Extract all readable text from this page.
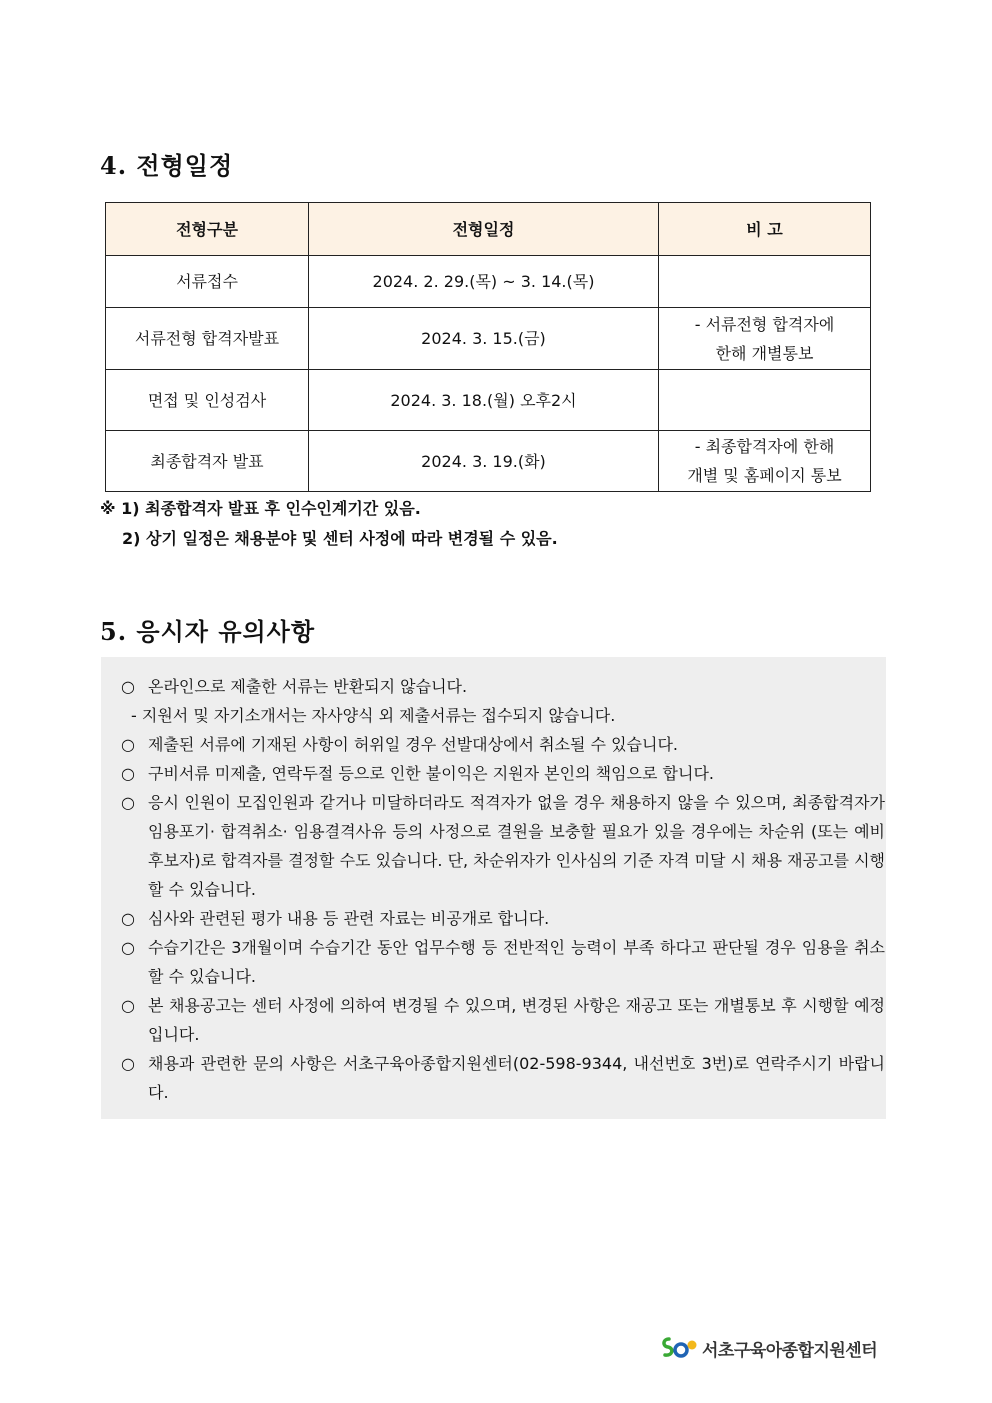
4. 전형일정
전형구분	전형일정	비 고
서류접수	2024. 2. 29.(목) ~ 3. 14.(목)	

서류전형 합격자발표	2024. 3. 15.(금)	- 서류전형 합격자에
한해 개별통보

면접 및 인성검사	2024. 3. 18.(월) 오후2시	

최종합격자 발표	2024. 3. 19.(화)	- 최종합격자에 한해
개별 및 홈페이지 통보
※ 1) 최종합격자 발표 후 인수인계기간 있음.
2) 상기 일정은 채용분야 및 센터 사정에 따라 변경될 수 있음.
5. 응시자 유의사항
○ 온라인으로 제출한 서류는 반환되지 않습니다.
- 지원서 및 자기소개서는 자사양식 외 제출서류는 접수되지 않습니다.
○ 제출된 서류에 기재된 사항이 허위일 경우 선발대상에서 취소될 수 있습니다.
○ 구비서류 미제출, 연락두절 등으로 인한 불이익은 지원자 본인의 책임으로 합니다.
○ 응시 인원이 모집인원과 같거나 미달하더라도 적격자가 없을 경우 채용하지 않을 수 있으며, 최종합격자가 임용포기· 합격취소· 임용결격사유 등의 사정으로 결원을 보충할 필요가 있을 경우에는 차순위 (또는 예비후보자)로 합격자를 결정할 수도 있습니다. 단, 차순위자가 인사심의 기준 자격 미달 시 채용 재공고를 시행할 수 있습니다.
○ 심사와 관련된 평가 내용 등 관련 자료는 비공개로 합니다.
○ 수습기간은 3개월이며 수습기간 동안 업무수행 등 전반적인 능력이 부족 하다고 판단될 경우 임용을 취소할 수 있습니다.
○ 본 채용공고는 센터 사정에 의하여 변경될 수 있으며, 변경된 사항은 재공고 또는 개별통보 후 시행할 예정입니다.
○ 채용과 관련한 문의 사항은 서초구육아종합지원센터(02-598-9344, 내선번호 3번)로 연락주시기 바랍니다.
서초구육아종합지원센터
